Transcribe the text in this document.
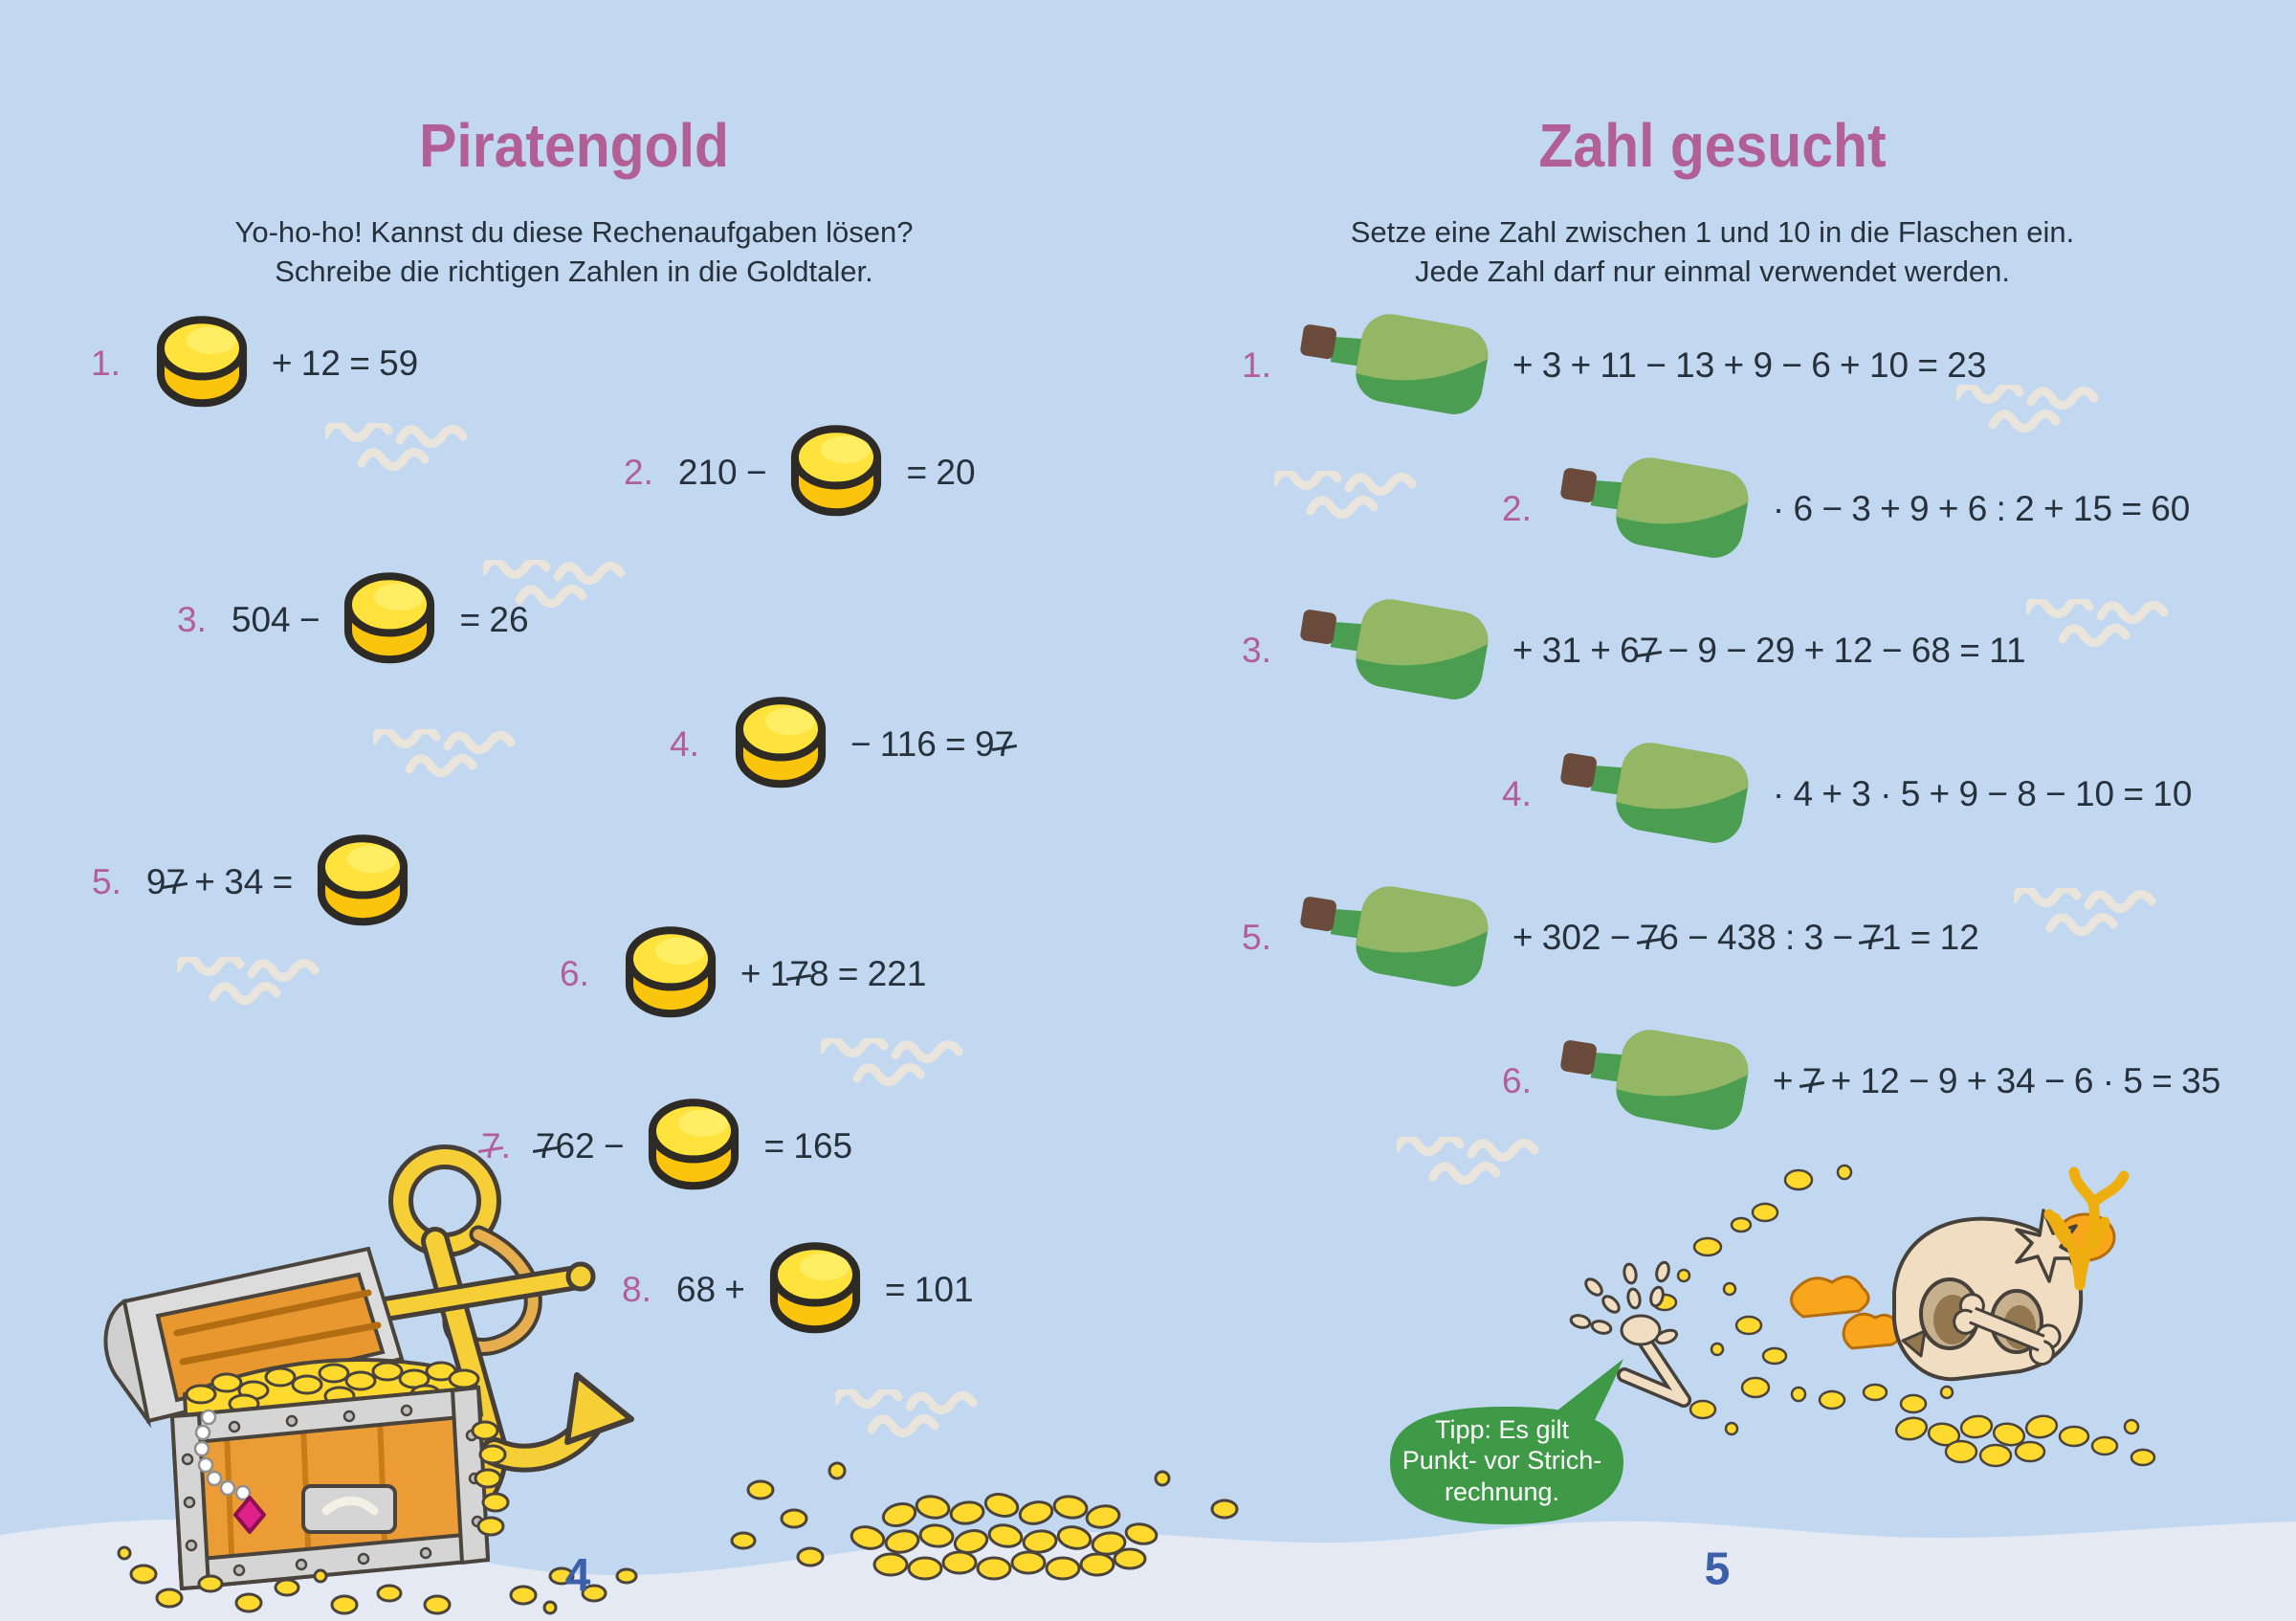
Piratengold

Yo-ho-ho! Kannst du diese Rechenaufgaben lösen?

Schreibe die richtigen Zahlen in die Goldtaler.

1.	+ 12 = 59
2. 210 −	= 20
3. 504 −	= 26
4.	− 116 = 97
5. 97 + 34 =
6.	+ 178 = 221
7. 762 −	= 165
8. 68 +	= 101
Zahl gesucht

Setze eine Zahl zwischen 1 und 10 in die Flaschen ein.

Jede Zahl darf nur einmal verwendet werden.

1.	+ 3 + 11 − 13 + 9 − 6 + 10 = 23
2.	· 6 − 3 + 9 + 6 : 2 + 15 = 60
3.	+ 31 + 67 − 9 − 29 + 12 − 68 = 11
4.	· 4 + 3 · 5 + 9 − 8 − 10 = 10
5.	+ 302 − 76 − 438 : 3 − 71 = 12
6.	+ 7 + 12 − 9 + 34 − 6 · 5 = 35
Tipp: Es gilt
Punkt- vor Strich-
rechnung.
4	5
